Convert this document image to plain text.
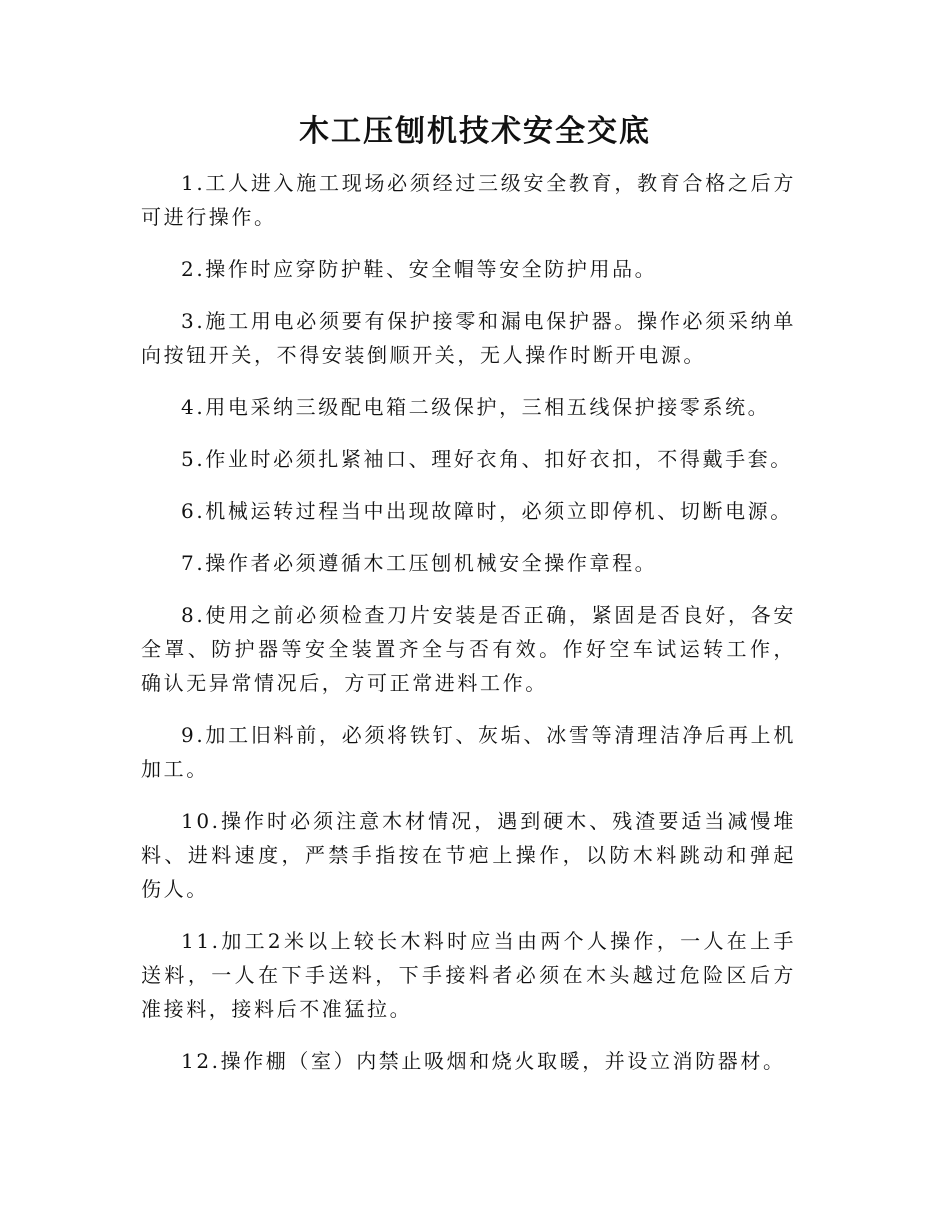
木工压刨机技术安全交底

1.工人进入施工现场必须经过三级安全教育，教育合格之后方可进行操作。

2.操作时应穿防护鞋、安全帽等安全防护用品。

3.施工用电必须要有保护接零和漏电保护器。操作必须采纳单向按钮开关，不得安装倒顺开关，无人操作时断开电源。

4.用电采纳三级配电箱二级保护，三相五线保护接零系统。

5.作业时必须扎紧袖口、理好衣角、扣好衣扣，不得戴手套。

6.机械运转过程当中出现故障时，必须立即停机、切断电源。

7.操作者必须遵循木工压刨机械安全操作章程。

8.使用之前必须检查刀片安装是否正确，紧固是否良好，各安全罩、防护器等安全装置齐全与否有效。作好空车试运转工作，确认无异常情况后，方可正常进料工作。

9.加工旧料前，必须将铁钉、灰垢、冰雪等清理洁净后再上机加工。

10.操作时必须注意木材情况，遇到硬木、残渣要适当减慢堆料、进料速度，严禁手指按在节疤上操作，以防木料跳动和弹起伤人。

11.加工2米以上较长木料时应当由两个人操作，一人在上手送料，一人在下手送料，下手接料者必须在木头越过危险区后方准接料，接料后不准猛拉。

12.操作棚（室）内禁止吸烟和烧火取暖，并设立消防器材。
